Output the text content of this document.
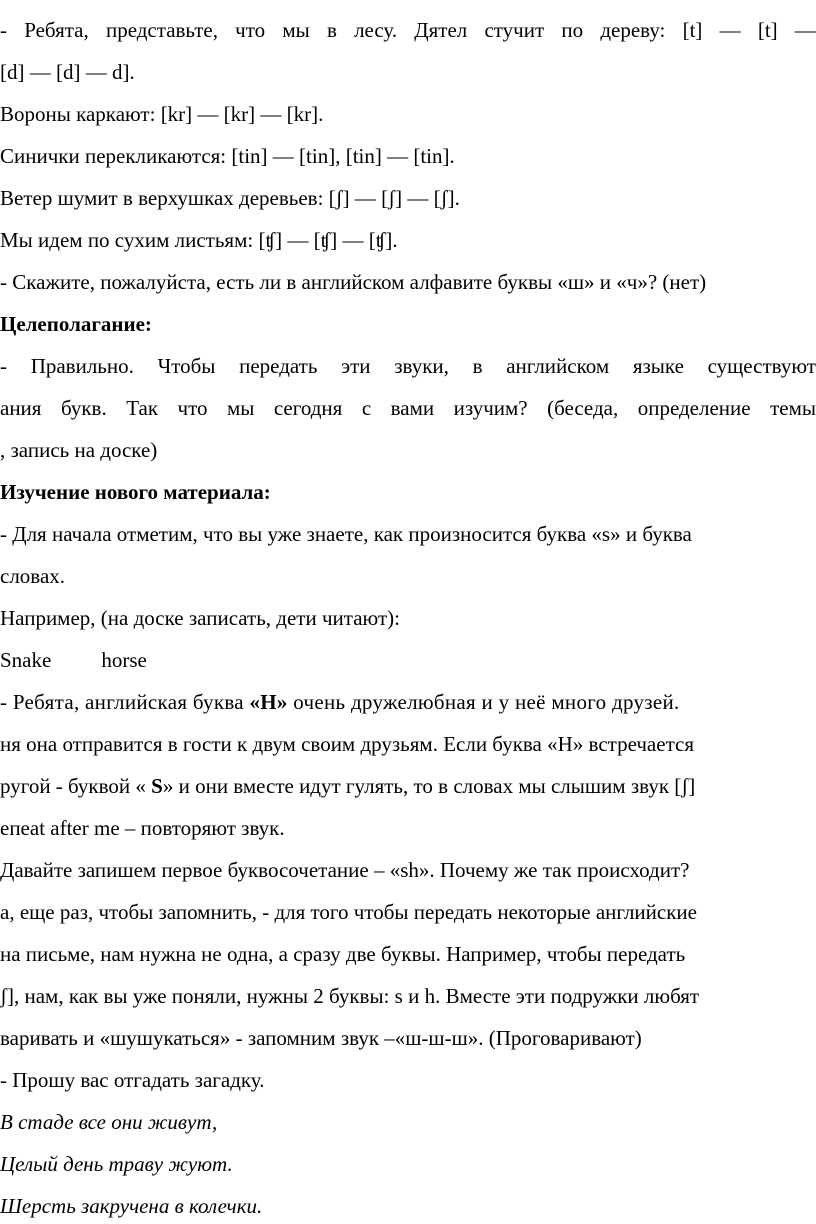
- Ребята, представьте, что мы в лесу. Дятел стучит по дереву: [t] — [t] —
[d] — [d] — d].
Вороны каркают: [kr] — [kr] — [kr].
Синички перекликаются: [tin] — [tin], [tin] — [tin].
Ветер шумит в верхушках деревьев: [ʃ] — [ʃ] — [ʃ].
Мы идем по сухим листьям: [ʧ] — [ʧ] — [ʧ].
- Скажите, пожалуйста, есть ли в английском алфавите буквы «ш» и «ч»? (нет)
Целеполагание:
- Правильно. Чтобы передать эти звуки, в английском языке существуют
ания букв. Так что мы сегодня с вами изучим? (беседа, определение темы
, запись на доске)
Изучение нового материала:
- Для начала отметим, что вы уже знаете, как произносится буква «s» и буква
словах.
Например, (на доске записать, дети читают):
Snake horse
- Ребята, английская буква «H» очень дружелюбная и у неё много друзей.
ня она отправится в гости к двум своим друзьям. Если буква «H» встречается
ругой - буквой « S» и они вместе идут гулять, то в словах мы слышим звук [ʃ]
епеat after me – повторяют звук.
Давайте запишем первое буквосочетание – «sh». Почему же так происходит?
а, еще раз, чтобы запомнить, - для того чтобы передать некоторые английские
на письме, нам нужна не одна, а сразу две буквы. Например, чтобы передать
ʃ], нам, как вы уже поняли, нужны 2 буквы: s и h. Вместе эти подружки любят
варивать и «шушукаться» - запомним звук –«ш-ш-ш». (Проговаривают)
- Прошу вас отгадать загадку.
В стаде все они живут,
Целый день траву жуют.
Шерсть закручена в колечки.
